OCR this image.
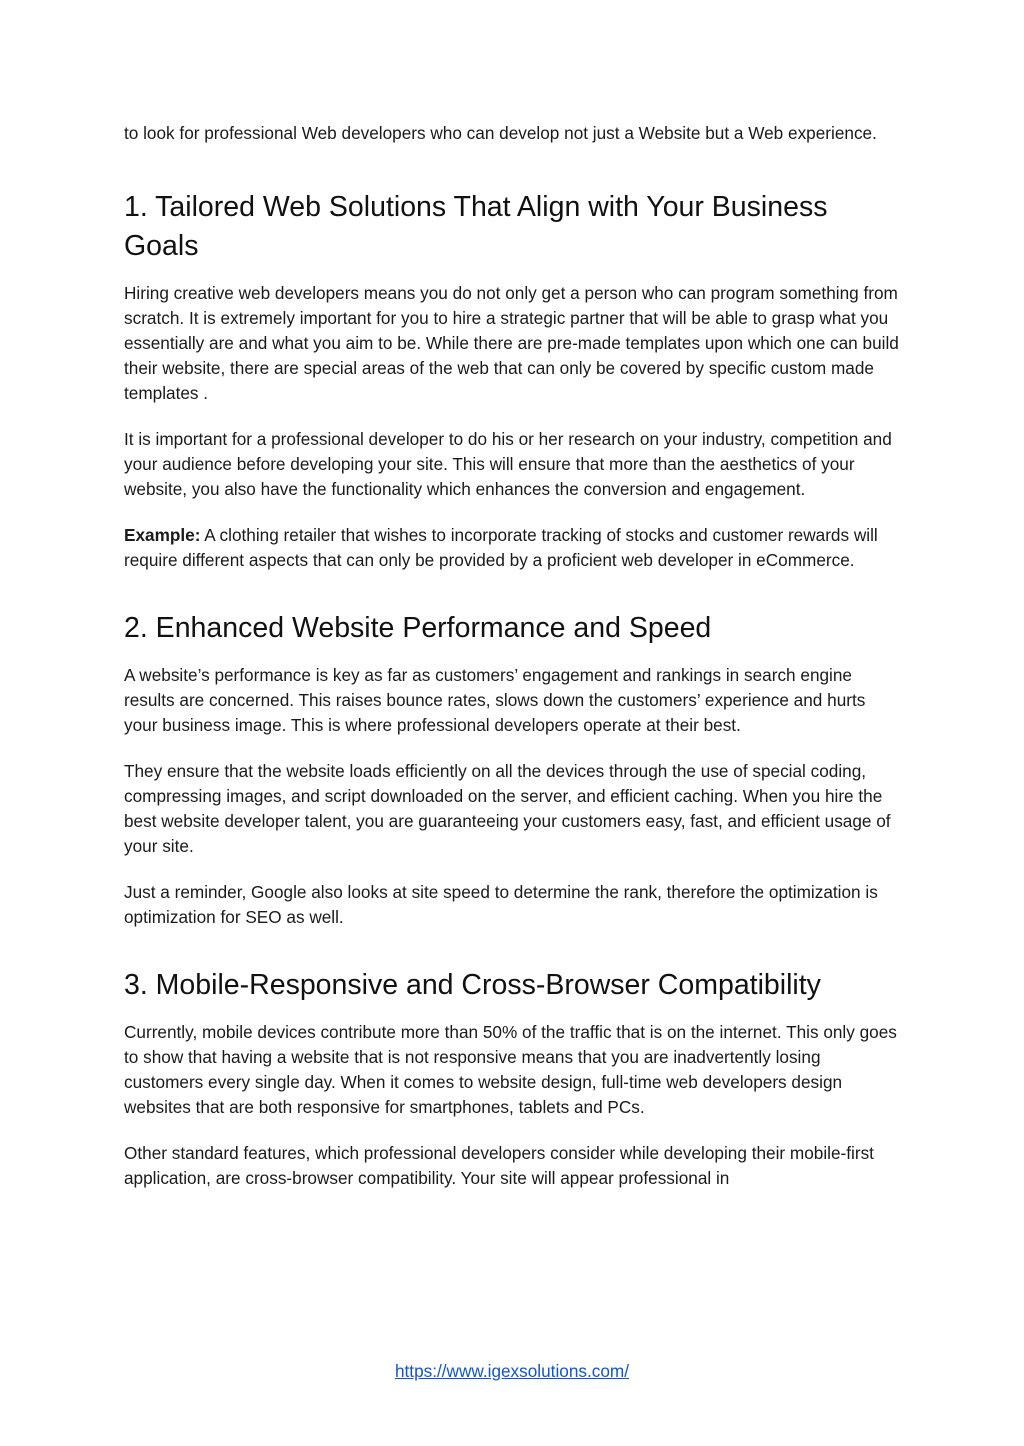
to look for professional Web developers who can develop not just a Website but a Web experience.

1. Tailored Web Solutions That Align with Your Business Goals

Hiring creative web developers means you do not only get a person who can program something from scratch. It is extremely important for you to hire a strategic partner that will be able to grasp what you essentially are and what you aim to be. While there are pre-made templates upon which one can build their website, there are special areas of the web that can only be covered by specific custom made templates .

It is important for a professional developer to do his or her research on your industry, competition and your audience before developing your site. This will ensure that more than the aesthetics of your website, you also have the functionality which enhances the conversion and engagement.

Example: A clothing retailer that wishes to incorporate tracking of stocks and customer rewards will require different aspects that can only be provided by a proficient web developer in eCommerce.

2. Enhanced Website Performance and Speed

A website’s performance is key as far as customers’ engagement and rankings in search engine results are concerned. This raises bounce rates, slows down the customers’ experience and hurts your business image. This is where professional developers operate at their best.

They ensure that the website loads efficiently on all the devices through the use of special coding, compressing images, and script downloaded on the server, and efficient caching. When you hire the best website developer talent, you are guaranteeing your customers easy, fast, and efficient usage of your site.

Just a reminder, Google also looks at site speed to determine the rank, therefore the optimization is optimization for SEO as well.

3. Mobile-Responsive and Cross-Browser Compatibility

Currently, mobile devices contribute more than 50% of the traffic that is on the internet. This only goes to show that having a website that is not responsive means that you are inadvertently losing customers every single day. When it comes to website design, full-time web developers design websites that are both responsive for smartphones, tablets and PCs.

Other standard features, which professional developers consider while developing their mobile-first application, are cross-browser compatibility. Your site will appear professional in

https://www.igexsolutions.com/
